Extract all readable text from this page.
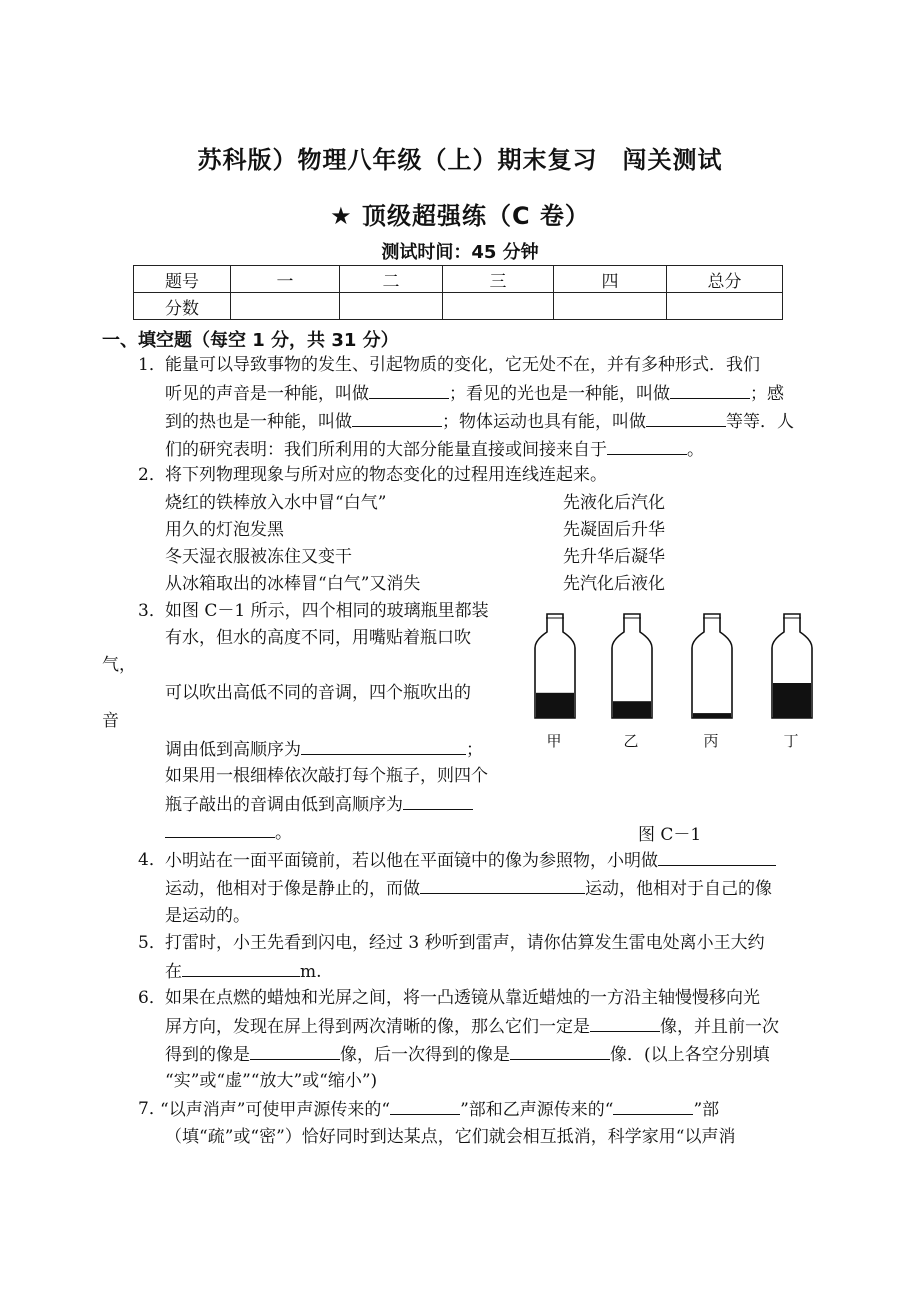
苏科版）物理八年级（上）期末复习　闯关测试
★ 顶级超强练（C 卷）
测试时间：45 分钟
题号	一	二	三	四	总分
分数					
一、填空题（每空 1 分，共 31 分）
1． 能量可以导致事物的发生、引起物质的变化，它无处不在，并有多种形式．我们
听见的声音是一种能，叫做	；看见的光也是一种能，叫做	；感
到的热也是一种能，叫做	；物体运动也具有能，叫做	等等．人
们的研究表明：我们所利用的大部分能量直接或间接来自于	。
2． 将下列物理现象与所对应的物态变化的过程用连线连起来。
烧红的铁棒放入水中冒“白气”
用久的灯泡发黑
冬天湿衣服被冻住又变干
从冰箱取出的冰棒冒“白气”又消失
先液化后汽化
先凝固后升华
先升华后凝华
先汽化后液化
3． 如图 C－1 所示，四个相同的玻璃瓶里都装
有水，但水的高度不同，用嘴贴着瓶口吹
气，
可以吹出高低不同的音调，四个瓶吹出的
音
调由低到高顺序为	；
如果用一根细棒依次敲打每个瓶子，则四个
瓶子敲出的音调由低到高顺序为
。
甲	乙	丙	丁
图 C－1
4． 小明站在一面平面镜前，若以他在平面镜中的像为参照物，小明做
运动，他相对于像是静止的，而做	运动，他相对于自己的像
是运动的。
5． 打雷时，小王先看到闪电，经过 3 秒听到雷声，请你估算发生雷电处离小王大约
在	m.
6． 如果在点燃的蜡烛和光屏之间，将一凸透镜从靠近蜡烛的一方沿主轴慢慢移向光
屏方向，发现在屏上得到两次清晰的像，那么它们一定是	像，并且前一次
得到的像是	像，后一次得到的像是	像．(以上各空分别填
“实”或“虚”“放大”或“缩小”)
7．
“以声消声”可使甲声源传来的“	”部和乙声源传来的“	”部
（填“疏”或“密”）恰好同时到达某点，它们就会相互抵消，科学家用“以声消
